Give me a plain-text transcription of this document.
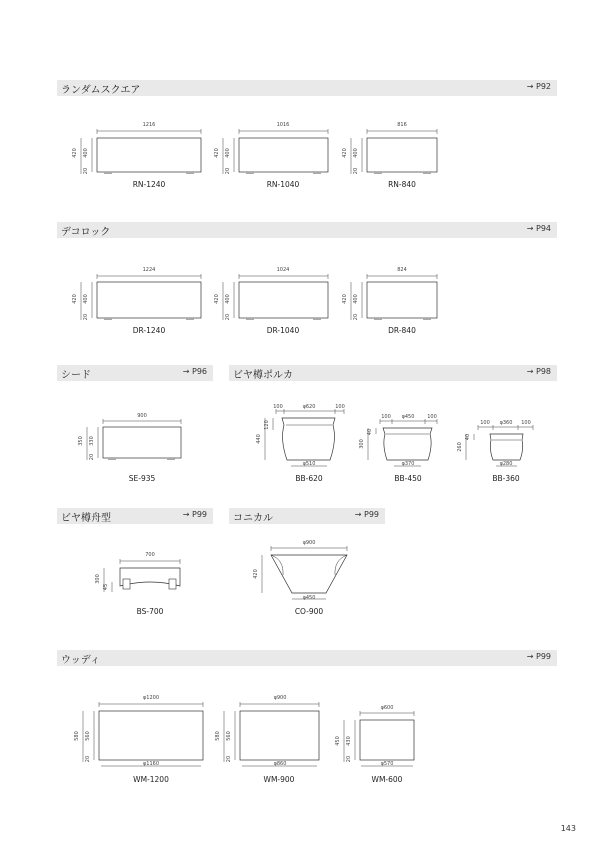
ランダムスクエア	→ P92
デコロック	→ P94
シード	→ P96	ビヤ樽ポルカ	→ P98
ビヤ樽舟型	→ P99	コニカル	→ P99
ウッディ	→ P99
1216
420 400
20
RN-1240
1016
420 400
20
RN-1040
816
420 400
20
RN-840
1224
420 400
20
DR-1240
1024
420 400
20
DR-1040
824
420 400
20
DR-840
900
350 330
20
SE-935
100	φ620	100
440
120
φ510
BB-620
100	φ450	100
300
40
φ370
BB-450
100	φ360	100
260
40
φ280
BB-360
700
300
45
BS-700
φ900
420
φ450
CO-900
φ1200
580 560
20
φ1160
WM-1200
φ900
580 560
20
φ860
WM-900
φ600
450 430
20
φ570
WM-600
143
